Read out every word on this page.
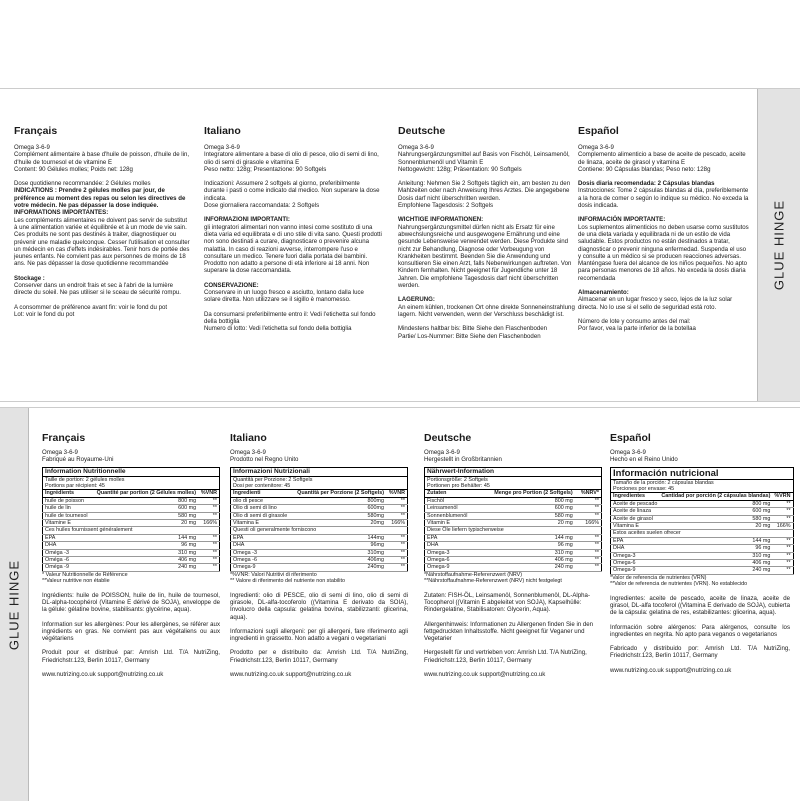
Français

Omega 3-6-9

Complément alimentaire à base d'huile de poisson, d'huile de lin, d'huile de tournesol et de vitamine E

Content: 90 Gélules molles; Poids net: 128g

Dose quotidienne recommandée: 2 Gélules molles

INDICATIONS : Prendre 2 gélules molles par jour, de préférence au moment des repas ou selon les directives de votre médecin. Ne pas dépasser la dose indiquée.

INFORMATIONS IMPORTANTES:

Les compléments alimentaires ne doivent pas servir de substitut à une alimentation variée et équilibrée et à un mode de vie sain. Ces produits ne sont pas destinés à traiter, diagnostiquer ou prévenir une maladie quelconque. Cesser l'utilisation et consulter un médecin en cas d'effets indésirables. Tenir hors de portée des jeunes enfants. Ne convient pas aux personnes de moins de 18 ans. Ne pas dépasser la dose quotidienne recommandée

Stockage :

Conserver dans un endroit frais et sec à l'abri de la lumière directe du soleil. Ne pas utiliser si le sceau de sécurité rompu.

A consommer de préférence avant fin: voir le fond du pot

Lot: voir le fond du pot

Italiano

Omega 3-6-9

Integratore alimentare a base di olio di pesce, olio di semi di lino, olio di semi di girasole e vitamina E

Peso netto: 128g; Presentazione: 90 Softgels

Indicazioni: Assumere 2 softgels al giorno, preferibilmente durante i pasti o come indicato dal medico. Non superare la dose indicata.

Dose giornaliera raccomandata: 2 Softgels

INFORMAZIONI IMPORTANTI:

gli integratori alimentari non vanno intesi come sostituto di una dieta varia ed equilibrata e di uno stile di vita sano. Questi prodotti non sono destinati a curare, diagnosticare o prevenire alcuna malattia. In caso di reazioni avverse, interrompere l'uso e consultare un medico. Tenere fuori dalla portata dei bambini. Prodotto non adatto a persone di età inferiore ai 18 anni. Non superare la dose raccomandata.

CONSERVAZIONE:

Conservare in un luogo fresco e asciutto, lontano dalla luce solare diretta. Non utilizzare se il sigillo è manomesso.

Da consumarsi preferibilmente entro il: Vedi l'etichetta sul fondo della bottiglia

Numero di lotto: Vedi l'etichetta sul fondo della bottiglia

Deutsche

Omega 3-6-9

Nahrungsergänzungsmittel auf Basis von Fischöl, Leinsamenöl, Sonnenblumenöl und Vitamin E

Nettogewicht: 128g; Präsentation: 90 Softgels

Anleitung: Nehmen Sie 2 Softgels täglich ein, am besten zu den Mahlzeiten oder nach Anweisung Ihres Arztes. Die angegebene Dosis darf nicht überschritten werden.

Empfohlene Tagesdosis: 2 Softgels

WICHTIGE INFORMATIONEN:

Nahrungsergänzungsmittel dürfen nicht als Ersatz für eine abwechslungsreiche und ausgewogene Ernährung und eine gesunde Lebensweise verwendet werden. Diese Produkte sind nicht zur Behandlung, Diagnose oder Vorbeugung von Krankheiten bestimmt. Beenden Sie die Anwendung und konsultieren Sie einen Arzt, falls Nebenwirkungen auftreten. Von Kindern fernhalten. Nicht geeignet für Jugendliche unter 18 Jahren. Die empfohlene Tagesdosis darf nicht überschritten werden.

LAGERUNG:

An einem kühlen, trockenen Ort ohne direkte Sonneneinstrahlung lagern. Nicht verwenden, wenn der Verschluss beschädigt ist.

Mindestens haltbar bis: Bitte Siehe den Flaschenboden

Partie/ Los-Nummer: Bitte Siehe den Flaschenboden

Español

Omega 3-6-9

Complemento alimenticio a base de aceite de pescado, aceite de linaza, aceite de girasol y vitamina E

Contiene: 90 Cápsulas blandas; Peso neto: 128g

Dosis diaria recomendada: 2 Cápsulas blandas

Instrucciones: Tome 2 cápsulas blandas al día, preferiblemente a la hora de comer o según lo indique su médico. No exceda la dosis indicada.

INFORMACIÓN IMPORTANTE:

Los suplementos alimenticios no deben usarse como sustitutos de una dieta variada y equilibrada ni de un estilo de vida saludable. Estos productos no están destinados a tratar, diagnosticar o prevenir ninguna enfermedad. Suspenda el uso y consulte a un médico si se producen reacciones adversas. Manténgase fuera del alcance de los niños pequeños. No apto para personas menores de 18 años. No exceda la dosis diaria recomendada

Almacenamiento:

Almacenar en un lugar fresco y seco, lejos de la luz solar directa. No lo use si el sello de seguridad está roto.

Número de lote y consumo antes del mal:

Por favor, vea la parte inferior de la botellaa

GLUE HINGE
GLUE HINGE
Français

Omega 3-6-9

Fabriqué au Royaume-Uni

Information Nutritionnelle		
Taille de portion: 2 gélules molles		
Portions par récipient: 45		
Ingrédients	Quantité par portion (2 Gélules molles)	%VNR
huile de poisson	800 mg	**
huile de lin	600 mg	**
huile de tournesol	580 mg	**
Vitamine E	20 mg	166%
Ces huiles fournissent généralement		
EPA	144 mg	**
DHA	96 mg	**
Oméga -3	310 mg	**
Oméga -6	406 mg	**
Oméga -9	240 mg	**

* Valeur Nutritionnelle de Référence

**Valeur nutritive non établie

Ingrédients: huile de POISSON, huile de lin, huile de tournesol, DL-alpha-tocophérol (Vitamine E dérivé de SOJA), enveloppe de la gélule: gélatine bovine, stabilisants: glycérine, aqua).

Information sur les allergènes: Pour les allergènes, se référer aux ingrédients en gras. Ne convient pas aux végétaliens ou aux végétariens

Produit pour et distribué par: Amrish Ltd. T/A NutriZing, Friedrichstr.123, Berlin 10117, Germany

www.nutrizing.co.uk support@nutrizing.co.uk

Italiano

Omega 3-6-9

Prodotto nel Regno Unito

Informazioni Nutrizionali		
Quantità per Porzione: 2 Softgels		
Dosi per contenitore: 45		
Ingredienti	Quantità per Porzione (2 Softgels)	%VNR
olio di pesce	800mg	**
Olio di semi di lino	600mg	**
Olio di semi di girasole	580mg	**
Vitamina E	20mg	166%
Questi oli generalmente forniscono		
EPA	144mg	**
DHA	96mg	**
Omega -3	310mg	**
Omega -6	406mg	**
Omega-9	240mg	**

*%VNR: Valori Nutritivi di riferimento

** Valore di riferimento del nutriente non stabilito

Ingredienti: olio di PESCE, olio di semi di lino, olio di semi di girasole, DL-alfa-tocoferolo ((Vitamina E derivato da SOIA), Involucro della capsula: gelatina bovina, stabilizzanti: glicerina, aqua).

Informazioni sugli allergeni: per gli allergeni, fare riferimento agli ingredienti in grassetto. Non adatto a vegani o vegetariani

Prodotto per e distribuito da: Amrish Ltd. T/A NutriZing, Friedrichstr.123, Berlin 10117, Germany

www.nutrizing.co.uk support@nutrizing.co.uk

Deutsche

Omega 3-6-9

Hergestellt in Großbritannien

Nährwert-Information		
Portionsgröße: 2 Softgels		
Portionen pro Behälter: 45		
Zutaten	Menge pro Portion (2 Softgels)	%NRV*
Fischöl	800 mg	**
Leinsamenöl	600 mg	**
Sonnenblumenöl	580 mg	**
Vitamin E	20 mg	166%
Diese Öle liefern typischerweise		
EPA	144 mg	**
DHA	96 mg	**
Omega-3	310 mg	**
Omega-6	406 mg	**
Omega-9	240 mg	**

*Nährstoffaufnahme-Referenzwert (NRV)

**Nährstoffaufnahme-Referenzwert (NRV) nicht festgelegt

Zutaten: FISH-ÖL, Leinsamenöl, Sonnenblumenöl, DL-Alpha-Tocopherol ((Vitamin E abgeleitet von SOJA), Kapselhülle: Rindergelatine, Stabilisatoren: Glycerin, Aqua).

Allergenhinweis: Informationen zu Allergenen finden Sie in den fettgedruckten Inhaltsstoffe. Nicht geeignet für Veganer und Vegetarier

Hergestellt für und vertrieben von: Amrish Ltd. T/A NutriZing, Friedrichstr.123, Berlin 10117, Germany

www.nutrizing.co.uk support@nutrizing.co.uk

Español

Omega 3-6-9

Hecho en el Reino Unido

Información nutricional		
Tamaño de la porción: 2 cápsulas blandas		
Porciones por envase: 45		
Ingredientes	Cantidad por porción (2 cápsulas blandas)	%VRN
Aceite de pescado	800 mg	**
Aceite de linaza	600 mg	**
Aceite de girasol	580 mg	**
Vitamina E	20 mg	166%
Estos aceites suelen ofrecer		
EPA	144 mg	**
DHA	96 mg	**
Omega-3	310 mg	**
Omega-6	406 mg	**
Omega-9	240 mg	**

*Valor de referencia de nutrientes (VRN)

**Valor de referencia de nutrientes (VRN). No establecido

Ingredientes: aceite de pescado, aceite de linaza, aceite de girasol, DL-alfa tocoferol ((Vitamina E derivado de SOJA), cubierta de la cápsula: gelatina de res, estabilizantes: glicerina, aqua).

Información sobre alérgenos: Para alérgenos, consulte los ingredientes en negrita. No apto para veganos o vegetarianos

Fabricado y distribuido por: Amrish Ltd. T/A NutriZing, Friedrichstr.123, Berlin 10117, Germany

www.nutrizing.co.uk support@nutrizing.co.uk
